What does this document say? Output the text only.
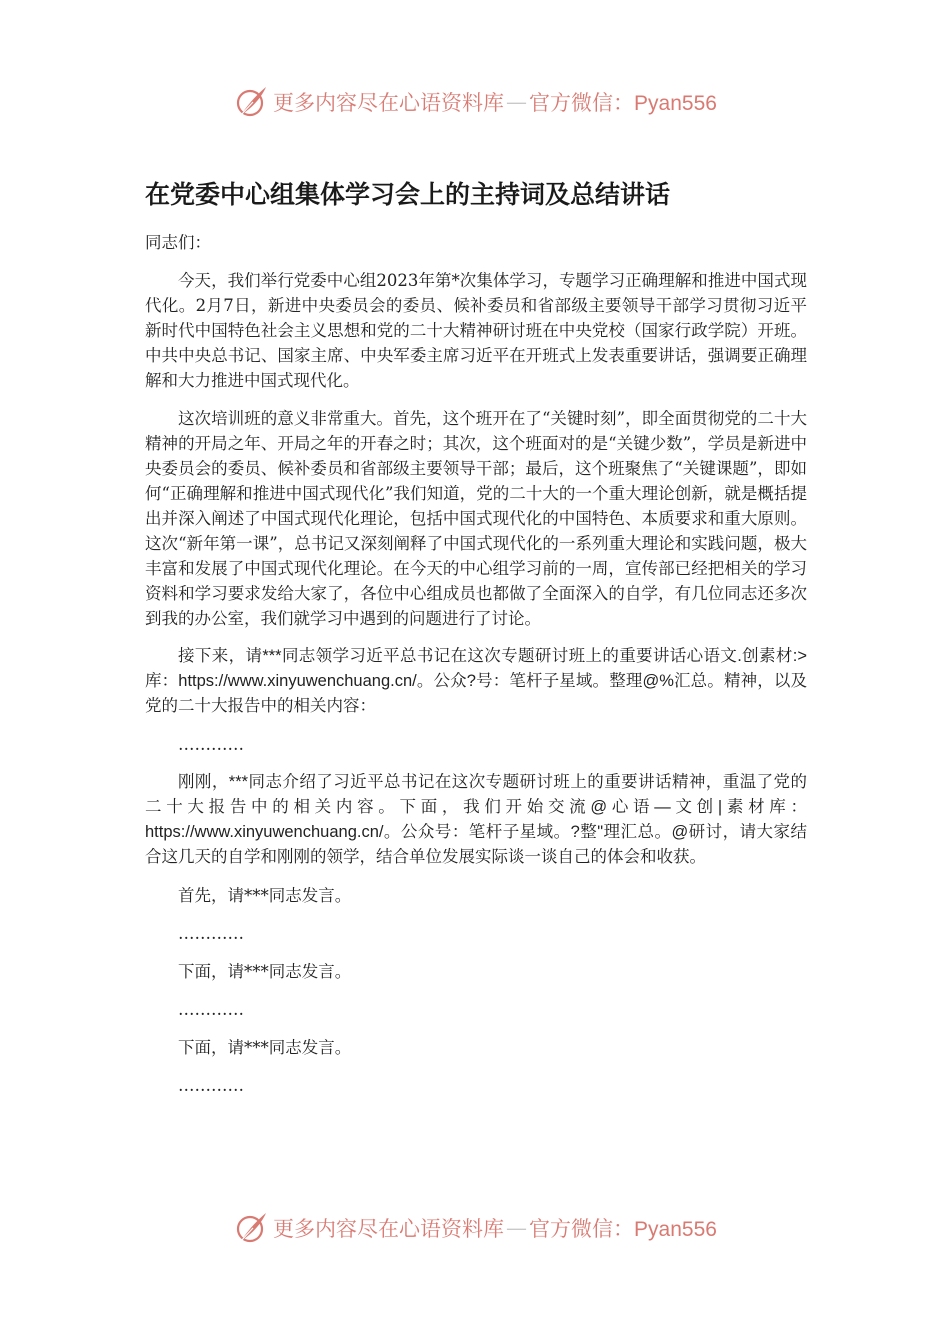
更多内容尽在心语资料库 — 官方微信：Pyan556
在党委中心组集体学习会上的主持词及总结讲话

同志们：

今天，我们举行党委中心组2023年第*次集体学习，专题学习正确理解和推进中国式现代化。2月7日，新进中央委员会的委员、候补委员和省部级主要领导干部学习贯彻习近平新时代中国特色社会主义思想和党的二十大精神研讨班在中央党校（国家行政学院）开班。中共中央总书记、国家主席、中央军委主席习近平在开班式上发表重要讲话，强调要正确理解和大力推进中国式现代化。

这次培训班的意义非常重大。首先，这个班开在了“关键时刻”，即全面贯彻党的二十大精神的开局之年、开局之年的开春之时；其次，这个班面对的是“关键少数”，学员是新进中央委员会的委员、候补委员和省部级主要领导干部；最后，这个班聚焦了“关键课题”，即如何“正确理解和推进中国式现代化”我们知道，党的二十大的一个重大理论创新，就是概括提出并深入阐述了中国式现代化理论，包括中国式现代化的中国特色、本质要求和重大原则。这次“新年第一课”，总书记又深刻阐释了中国式现代化的一系列重大理论和实践问题，极大丰富和发展了中国式现代化理论。在今天的中心组学习前的一周，宣传部已经把相关的学习资料和学习要求发给大家了，各位中心组成员也都做了全面深入的自学，有几位同志还多次到我的办公室，我们就学习中遇到的问题进行了讨论。

接下来，请***同志领学习近平总书记在这次专题研讨班上的重要讲话心语文.创素材:>库：https://www.xinyuwenchuang.cn/。公众?号：笔杆子星域。整理@%汇总。精神，以及党的二十大报告中的相关内容：

…………

刚刚，***同志介绍了习近平总书记在这次专题研讨班上的重要讲话精神，重温了党的二十大报告中的相关内容。下面，我们开始交流@心语—文创|素材库：https://www.xinyuwenchuang.cn/。公众号：笔杆子星域。?整"理汇总。@研讨，请大家结合这几天的自学和刚刚的领学，结合单位发展实际谈一谈自己的体会和收获。

首先，请***同志发言。

…………

下面，请***同志发言。

…………

下面，请***同志发言。

…………

更多内容尽在心语资料库 — 官方微信：Pyan556
